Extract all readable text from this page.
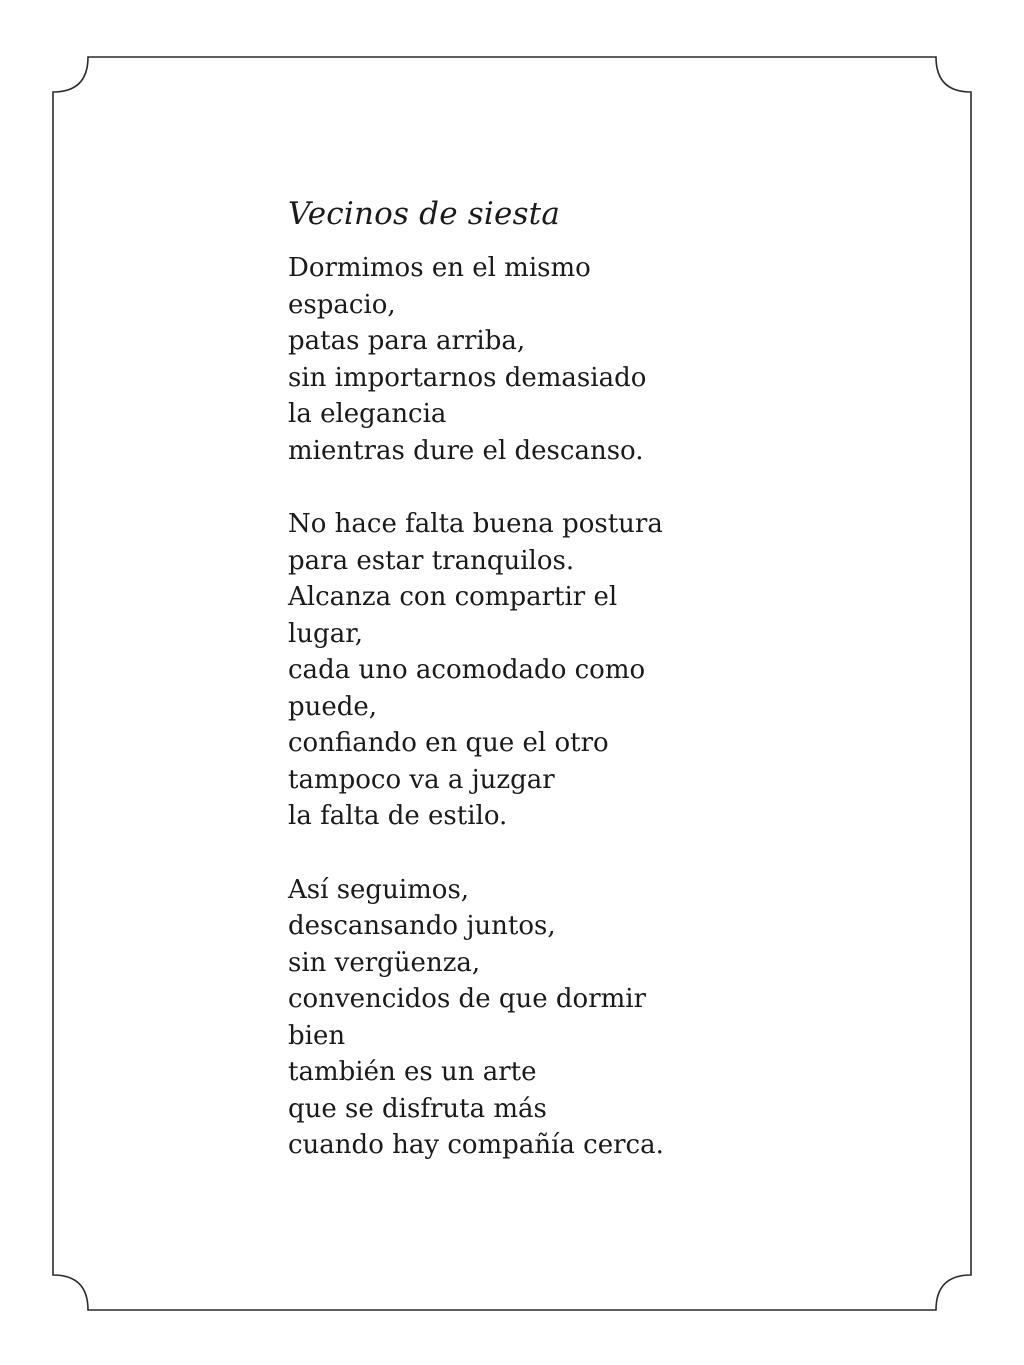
Vecinos de siesta
Dormimos en el mismo
espacio,
patas para arriba,
sin importarnos demasiado
la elegancia
mientras dure el descanso.
No hace falta buena postura
para estar tranquilos.
Alcanza con compartir el
lugar,
cada uno acomodado como
puede,
confiando en que el otro
tampoco va a juzgar
la falta de estilo.
Así seguimos,
descansando juntos,
sin vergüenza,
convencidos de que dormir
bien
también es un arte
que se disfruta más
cuando hay compañía cerca.
